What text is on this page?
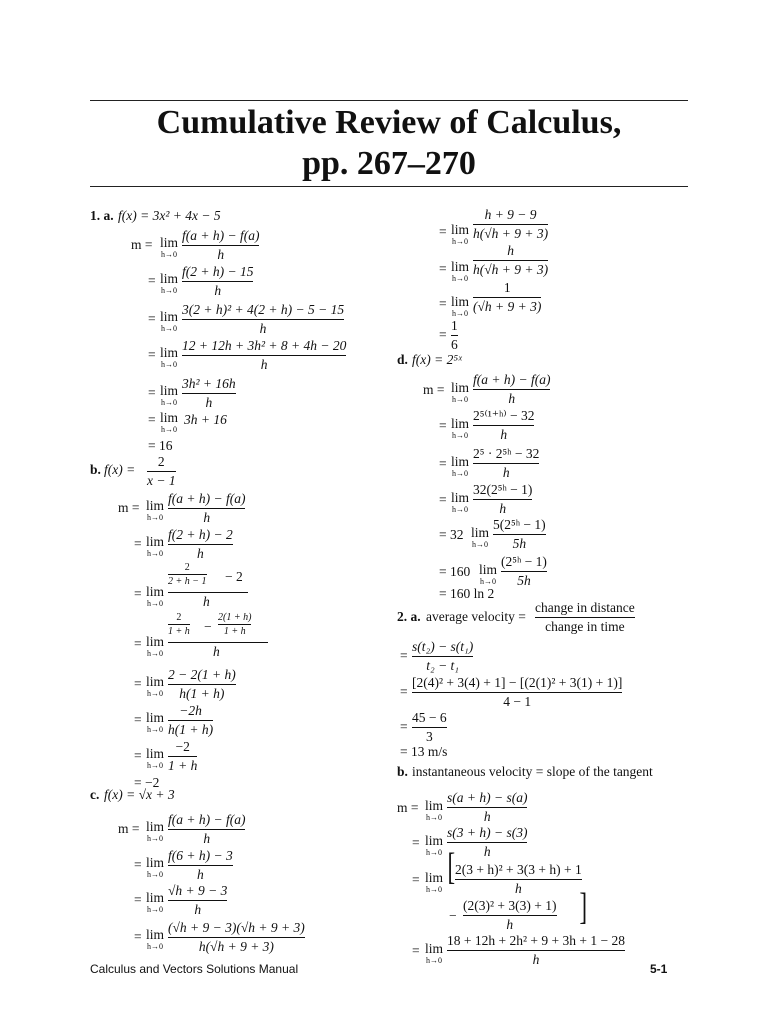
Cumulative Review of Calculus,
pp. 267–270
1. a. f(x) = 3x² + 4x − 5
m = lim
h→0
f(a + h) − f(a)
h
= lim
h→0
f(2 + h) − 15
h
= lim
h→0
3(2 + h)² + 4(2 + h) − 5 − 15
h
= lim
h→0
12 + 12h + 3h² + 8 + 4h − 20
h
= lim
h→0
3h² + 16h
h
= lim
h→0
3h + 16
= 16
b. f(x) =
2
x − 1
m = lim
h→0
f(a + h) − f(a)
h
= lim
h→0
f(2 + h) − 2
h
= lim
h→0
2
2 + h − 1 − 2
h
= lim
h→0
2
1 + h −
2(1 + h)
1 + h
h
= lim
h→0
2 − 2(1 + h)
h(1 + h)
= lim
h→0
−2h
h(1 + h)
= lim
h→0
−2
1 + h
= −2
c. f(x) = √x + 3
m = lim
h→0
f(a + h) − f(a)
h
= lim
h→0
f(6 + h) − 3
h
= lim
h→0
√h + 9 − 3
h
= lim
h→0
(√h + 9 − 3)(√h + 9 + 3)
h(√h + 9 + 3)
= lim
h→0
h + 9 − 9
h(√h + 9 + 3)
= lim
h→0
h
h(√h + 9 + 3)
= lim
h→0
1
(√h + 9 + 3)
=
1
6
d. f(x) = 2⁵ˣ
m = lim
h→0
f(a + h) − f(a)
h
= lim
h→0
2⁵⁽¹⁺ʰ⁾ − 32
h
= lim
h→0
2⁵ · 2⁵ʰ − 32
h
= lim
h→0
32(2⁵ʰ − 1)
h
= 32 lim
h→0
5(2⁵ʰ − 1)
5h
= 160 lim
h→0
(2⁵ʰ − 1)
5h
= 160 ln 2
2. a. average velocity =
change in distance
change in time
=
s(t₂) − s(t₁)
t₂ − t₁
=
[2(4)² + 3(4) + 1] − [(2(1)² + 3(1) + 1)]
4 − 1
=
45 − 6
3
= 13 m/s
b. instantaneous velocity = slope of the tangent
m = lim
h→0
s(a + h) − s(a)
h
= lim
h→0
s(3 + h) − s(3)
h
= lim
h→0
[ 2(3 + h)² + 3(3 + h) + 1
h
−
(2(3)² + 3(3) + 1)
h	]
= lim
h→0
18 + 12h + 2h² + 9 + 3h + 1 − 28
h
Calculus and Vectors Solutions Manual	5-1
